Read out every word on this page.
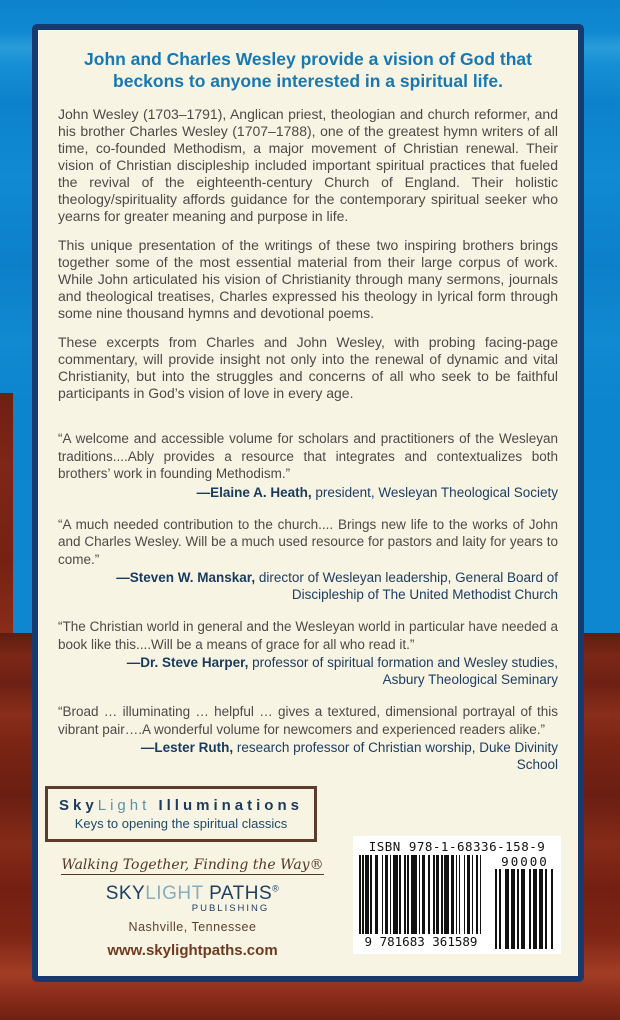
John and Charles Wesley provide a vision of God that beckons to anyone interested in a spiritual life.

John Wesley (1703–1791), Anglican priest, theologian and church reformer, and his brother Charles Wesley (1707–1788), one of the greatest hymn writers of all time, co-founded Methodism, a major movement of Christian renewal. Their vision of Christian discipleship included important spiritual practices that fueled the revival of the eighteenth-century Church of England. Their holistic theology/spirituality affords guidance for the contemporary spiritual seeker who yearns for greater meaning and purpose in life.

This unique presentation of the writings of these two inspiring brothers brings together some of the most essential material from their large corpus of work. While John articulated his vision of Christianity through many sermons, journals and theological treatises, Charles expressed his theology in lyrical form through some nine thousand hymns and devotional poems.

These excerpts from Charles and John Wesley, with probing facing-page commentary, will provide insight not only into the renewal of dynamic and vital Christianity, but into the struggles and concerns of all who seek to be faithful participants in God’s vision of love in every age.

“A welcome and accessible volume for scholars and practitioners of the Wesleyan traditions....Ably provides a resource that integrates and contextualizes both brothers’ work in founding Methodism.”

—Elaine A. Heath, president, Wesleyan Theological Society

“A much needed contribution to the church.... Brings new life to the works of John and Charles Wesley. Will be a much used resource for pastors and laity for years to come.”

—Steven W. Manskar, director of Wesleyan leadership, General Board of Discipleship of The United Methodist Church

“The Christian world in general and the Wesleyan world in particular have needed a book like this....Will be a means of grace for all who read it.”

—Dr. Steve Harper, professor of spiritual formation and Wesley studies, Asbury Theological Seminary

“Broad … illuminating … helpful … gives a textured, dimensional portrayal of this vibrant pair….A wonderful volume for newcomers and experienced readers alike.”

—Lester Ruth, research professor of Christian worship, Duke Divinity School
SkyLight Illuminations
Keys to opening the spiritual classics
Walking Together, Finding the Way®
SKYLIGHT PATHS®
PUBLISHING
Nashville, Tennessee
www.skylightpaths.com
ISBN 978-1-68336-158-9
9 781683 361589
90000
